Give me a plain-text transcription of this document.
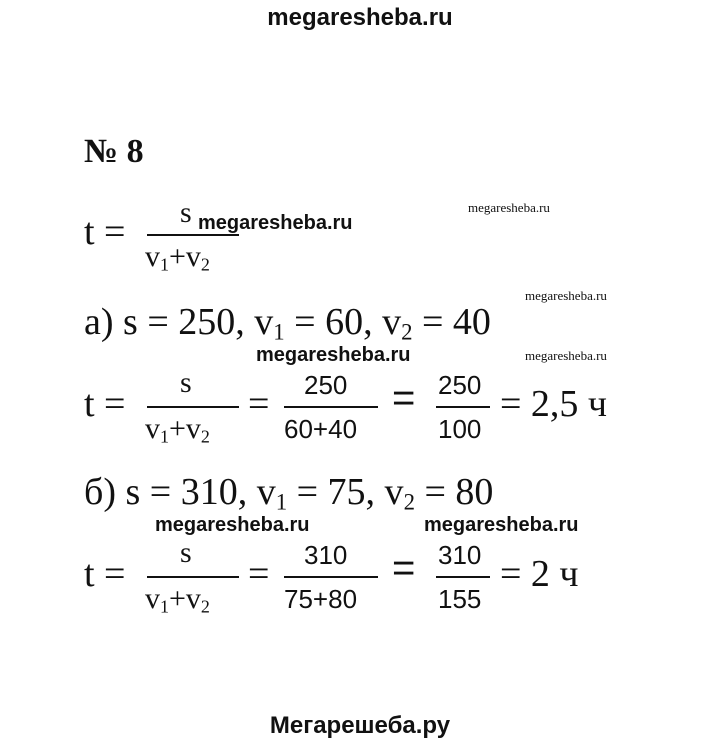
megaresheba.ru
№ 8
t = s
$v_1+v_2$
megaresheba.ru
megaresheba.ru
а) s = 250, $v_1 = 60$, $v_2 = 40$
megaresheba.ru
megaresheba.ru	megaresheba.ru
t =
s
$v_1+v_2$
= 250
60+40
= 250
100
= 2,5 ч
б) s = 310, $v_1 = 75$, $v_2 = 80$
megaresheba.ru	megaresheba.ru
t =
s
$v_1+v_2$
= 310
75+80
= 310
155
= 2 ч
Мегарешеба.ру
